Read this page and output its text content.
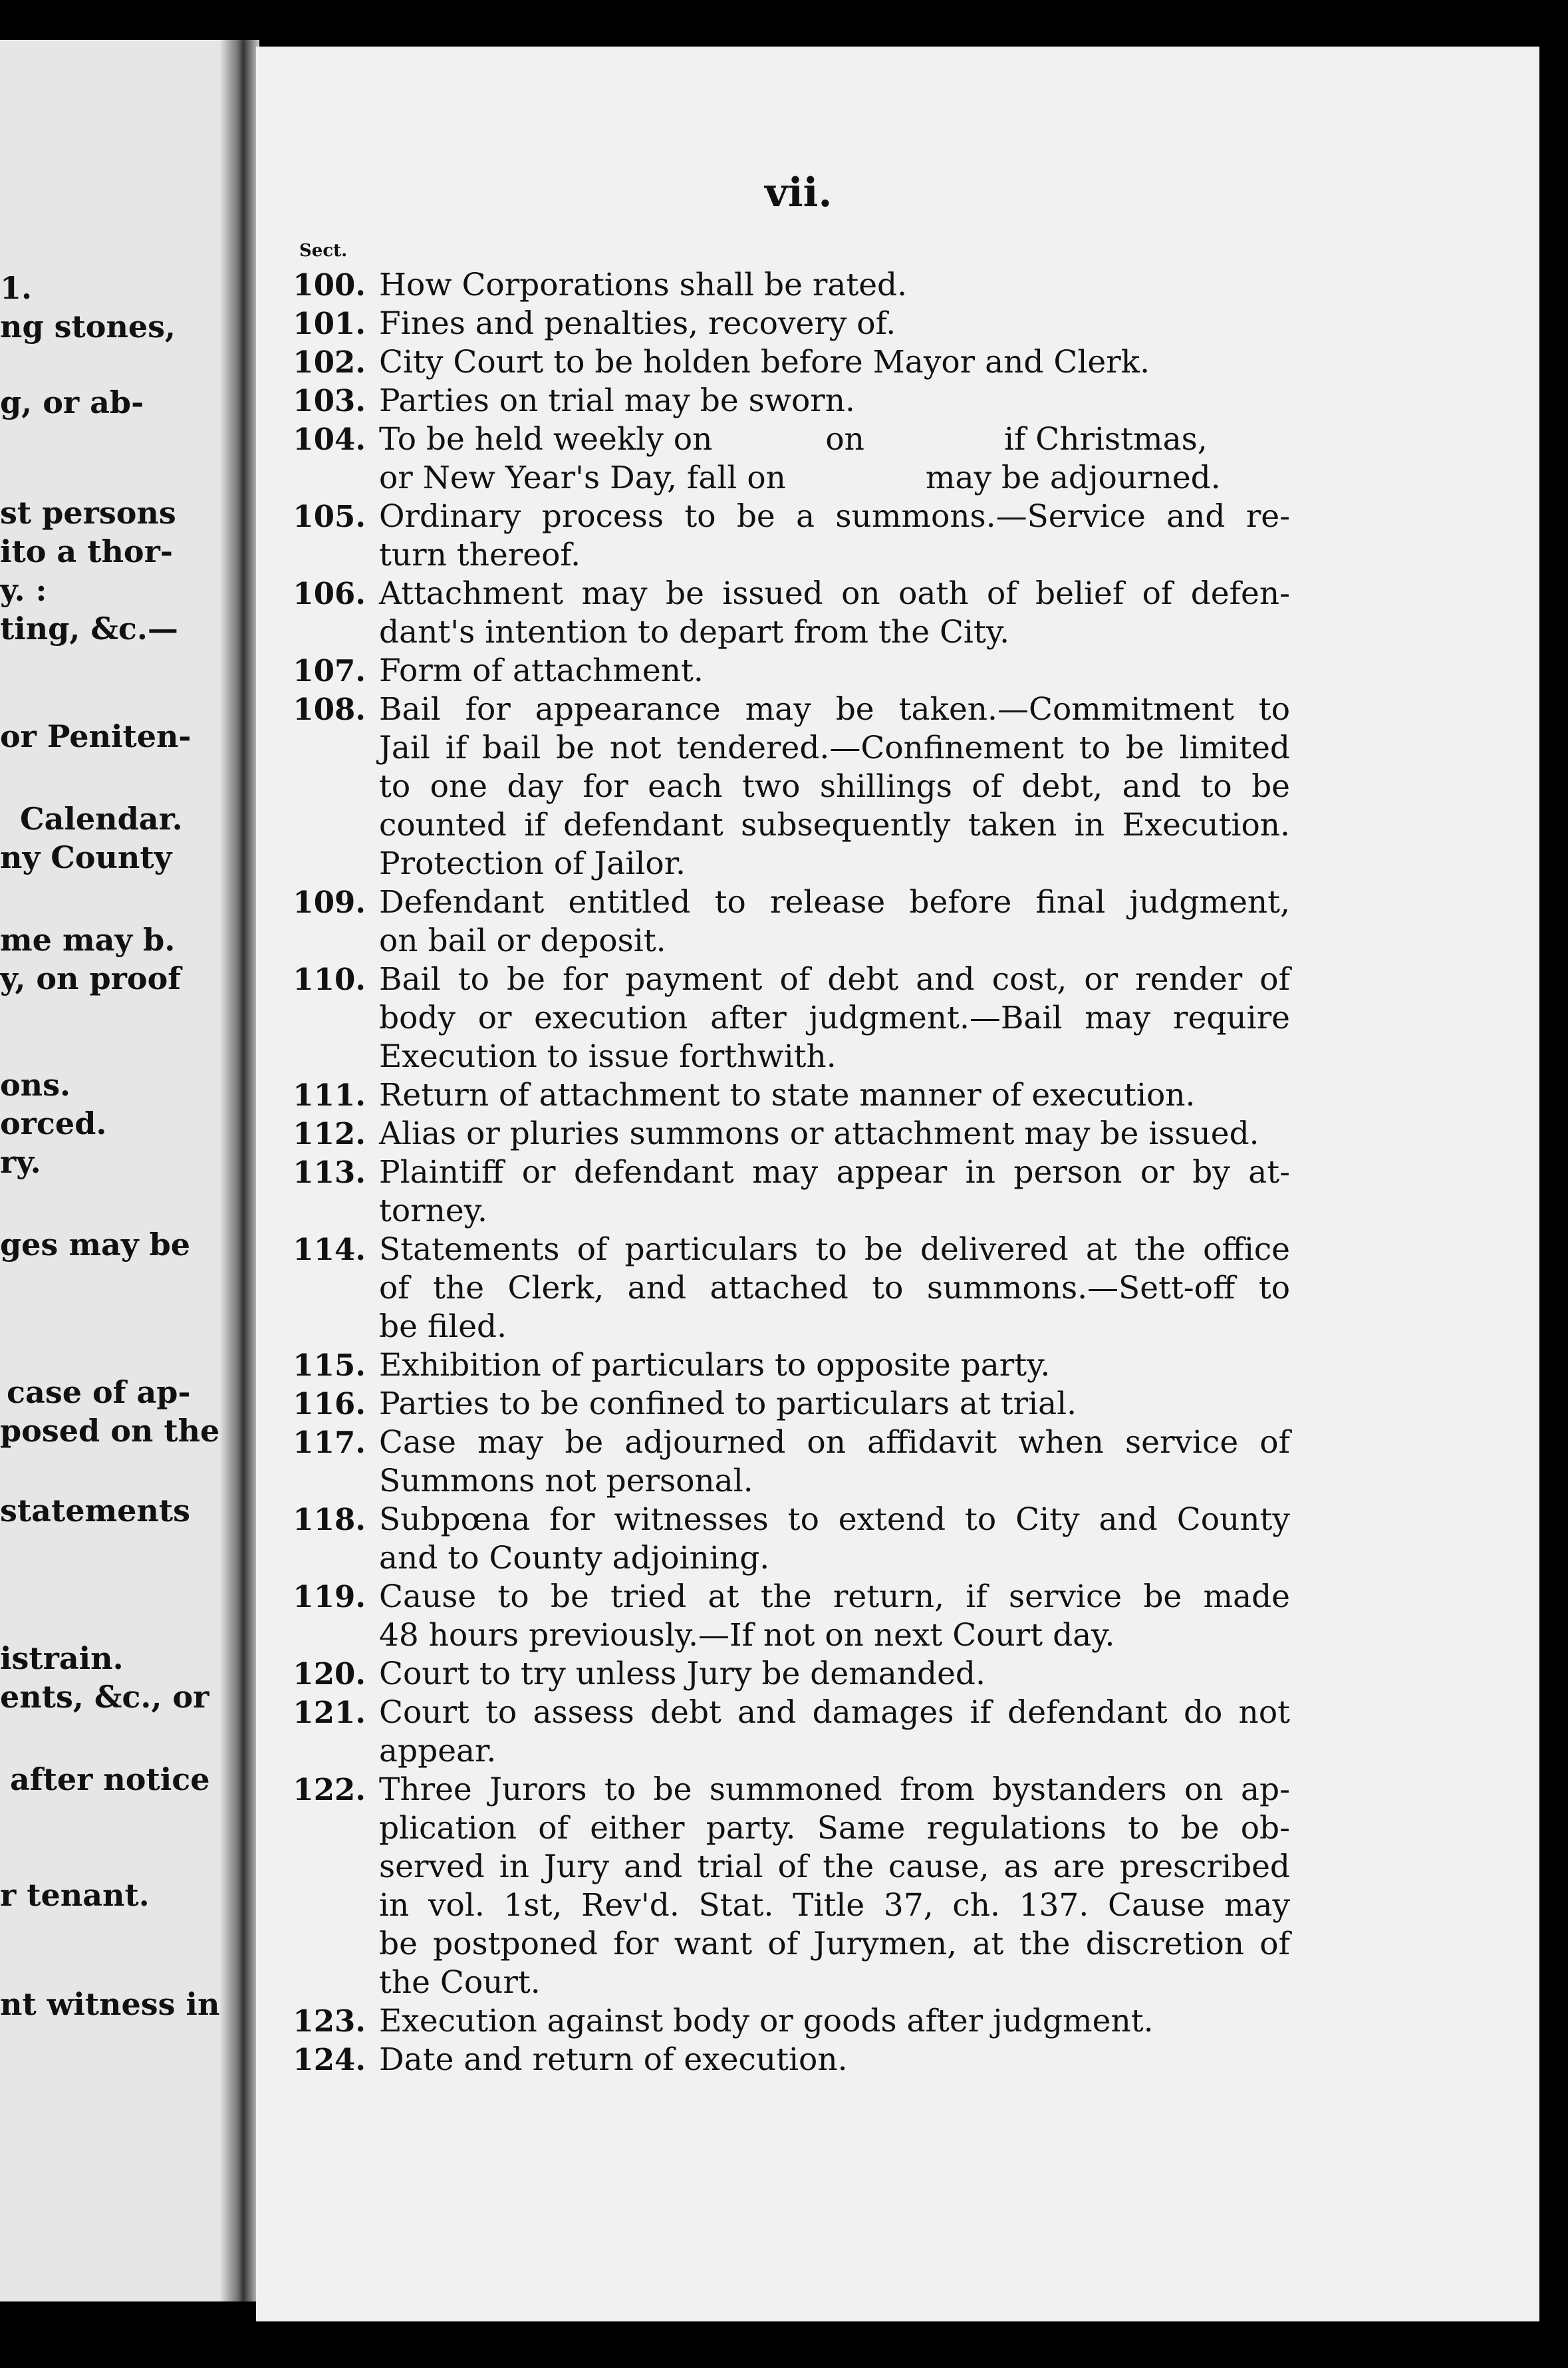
1.
ng stones,
g, or ab-
st persons
ito a thor-
y. :
ting, &c.—
or Peniten-
Calendar.
ny County
me may b.
y, on proof
ons.
orced.
ry.
ges may be
case of ap-
posed on the
statements
istrain.
ents, &c., or
after notice
r tenant.
nt witness in
vii.
Sect.
100. How Corporations shall be rated.
101. Fines and penalties, recovery of.
102. City Court to be holden before Mayor and Clerk.
103. Parties on trial may be sworn.
104. To be held weekly on	on	if Christmas,
or New Year's Day, fall on	may be adjourned.
105. Ordinary process to be a summons.—Service and re-
turn thereof.
106. Attachment may be issued on oath of belief of defen-
dant's intention to depart from the City.
107. Form of attachment.
108. Bail for appearance may be taken.—Commitment to
Jail if bail be not tendered.—Confinement to be limited
to one day for each two shillings of debt, and to be
counted if defendant subsequently taken in Execution.
Protection of Jailor.
109. Defendant entitled to release before final judgment,
on bail or deposit.
110. Bail to be for payment of debt and cost, or render of
body or execution after judgment.—Bail may require
Execution to issue forthwith.
111. Return of attachment to state manner of execution.
112. Alias or pluries summons or attachment may be issued.
113. Plaintiff or defendant may appear in person or by at-
torney.
114. Statements of particulars to be delivered at the office
of the Clerk, and attached to summons.—Sett-off to
be filed.
115. Exhibition of particulars to opposite party.
116. Parties to be confined to particulars at trial.
117. Case may be adjourned on affidavit when service of
Summons not personal.
118. Subpœna for witnesses to extend to City and County
and to County adjoining.
119. Cause to be tried at the return, if service be made
48 hours previously.—If not on next Court day.
120. Court to try unless Jury be demanded.
121. Court to assess debt and damages if defendant do not
appear.
122. Three Jurors to be summoned from bystanders on ap-
plication of either party. Same regulations to be ob-
served in Jury and trial of the cause, as are prescribed
in vol. 1st, Rev'd. Stat. Title 37, ch. 137. Cause may
be postponed for want of Jurymen, at the discretion of
the Court.
123. Execution against body or goods after judgment.
124. Date and return of execution.
